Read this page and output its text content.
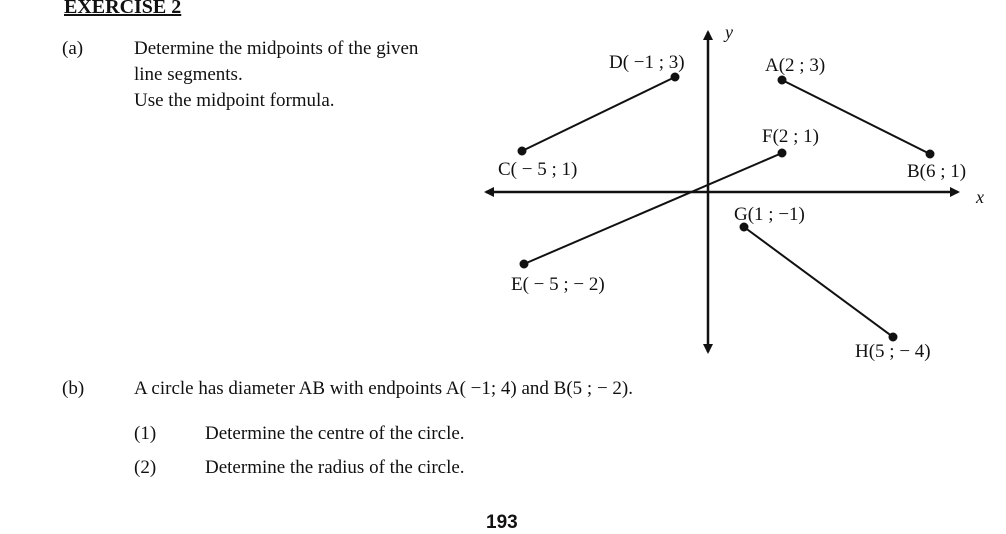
EXERCISE 2
(a)	Determine the midpoints of the given
line segments.
Use the midpoint formula.
y
x
D( −1 ; 3)	A(2 ; 3)
F(2 ; 1)
C( − 5 ; 1)	B(6 ; 1)
G(1 ; −1)
E( − 5 ; − 2)
H(5 ; − 4)
(b)	A circle has diameter AB with endpoints A( −1; 4) and B(5 ; − 2).
(1)	Determine the centre of the circle.
(2)	Determine the radius of the circle.
193
